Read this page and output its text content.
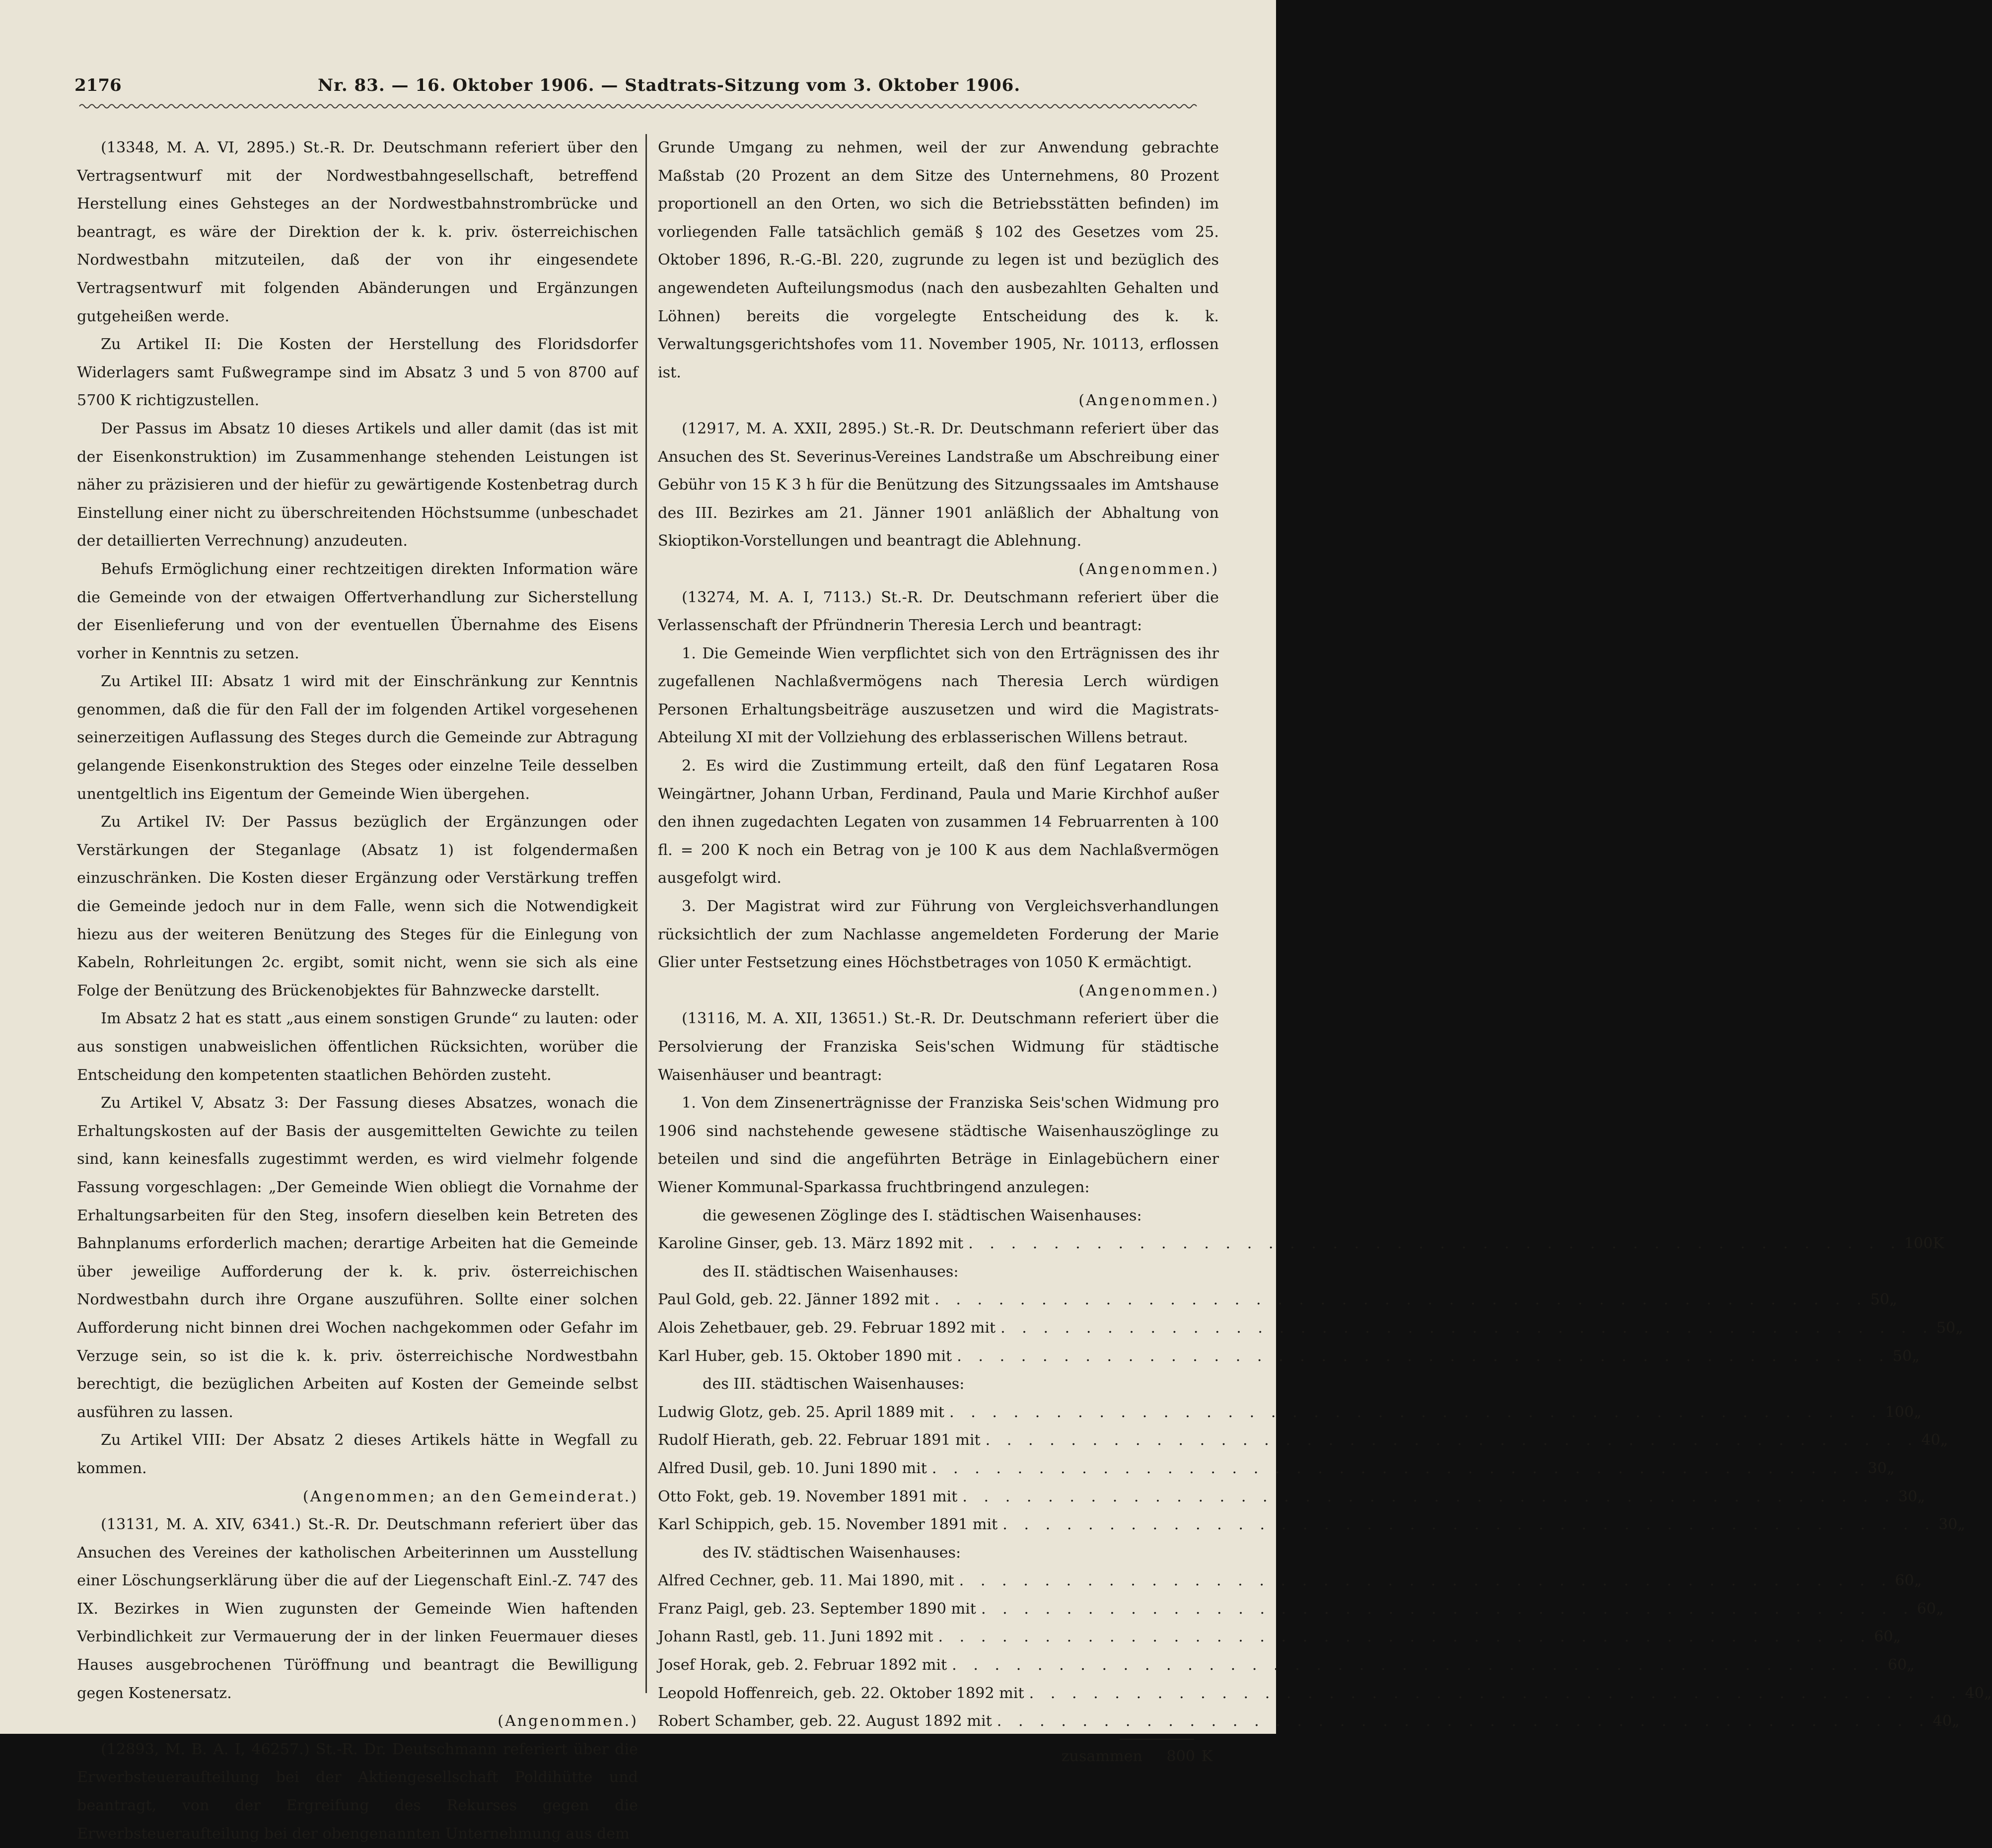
2176	Nr. 83. — 16. Oktober 1906. — Stadtrats-Sitzung vom 3. Oktober 1906.

(13348, M. A. VI, 2895.) St.-R. Dr. Deutschmann referiert über den Vertragsentwurf mit der Nordwestbahngesellschaft, betreffend Herstellung eines Gehsteges an der Nordwestbahnstrombrücke und beantragt, es wäre der Direktion der k. k. priv. österreichischen Nordwestbahn mitzuteilen, daß der von ihr eingesendete Vertragsentwurf mit folgenden Abänderungen und Ergänzungen gutgeheißen werde.

Zu Artikel II: Die Kosten der Herstellung des Floridsdorfer Widerlagers samt Fußwegrampe sind im Absatz 3 und 5 von 8700 auf 5700 K richtigzustellen.

Der Passus im Absatz 10 dieses Artikels und aller damit (das ist mit der Eisenkonstruktion) im Zusammenhange stehenden Leistungen ist näher zu präzisieren und der hiefür zu gewärtigende Kostenbetrag durch Einstellung einer nicht zu überschreitenden Höchstsumme (unbeschadet der detaillierten Verrechnung) anzudeuten.

Behufs Ermöglichung einer rechtzeitigen direkten Information wäre die Gemeinde von der etwaigen Offertverhandlung zur Sicherstellung der Eisenlieferung und von der eventuellen Übernahme des Eisens vorher in Kenntnis zu setzen.

Zu Artikel III: Absatz 1 wird mit der Einschränkung zur Kenntnis genommen, daß die für den Fall der im folgenden Artikel vorgesehenen seinerzeitigen Auflassung des Steges durch die Gemeinde zur Abtragung gelangende Eisenkonstruktion des Steges oder einzelne Teile desselben unentgeltlich ins Eigentum der Gemeinde Wien übergehen.

Zu Artikel IV: Der Passus bezüglich der Ergänzungen oder Verstärkungen der Steganlage (Absatz 1) ist folgendermaßen einzuschränken. Die Kosten dieser Ergänzung oder Verstärkung treffen die Gemeinde jedoch nur in dem Falle, wenn sich die Notwendigkeit hiezu aus der weiteren Benützung des Steges für die Einlegung von Kabeln, Rohrleitungen 2c. ergibt, somit nicht, wenn sie sich als eine Folge der Benützung des Brückenobjektes für Bahnzwecke darstellt.

Im Absatz 2 hat es statt „aus einem sonstigen Grunde“ zu lauten: oder aus sonstigen unabweislichen öffentlichen Rücksichten, worüber die Entscheidung den kompetenten staatlichen Behörden zusteht.

Zu Artikel V, Absatz 3: Der Fassung dieses Absatzes, wonach die Erhaltungskosten auf der Basis der ausgemittelten Gewichte zu teilen sind, kann keinesfalls zugestimmt werden, es wird vielmehr folgende Fassung vorgeschlagen: „Der Gemeinde Wien obliegt die Vornahme der Erhaltungsarbeiten für den Steg, insofern dieselben kein Betreten des Bahnplanums erforderlich machen; derartige Arbeiten hat die Gemeinde über jeweilige Aufforderung der k. k. priv. österreichischen Nordwestbahn durch ihre Organe auszuführen. Sollte einer solchen Aufforderung nicht binnen drei Wochen nachgekommen oder Gefahr im Verzuge sein, so ist die k. k. priv. österreichische Nordwestbahn berechtigt, die bezüglichen Arbeiten auf Kosten der Gemeinde selbst ausführen zu lassen.

Zu Artikel VIII: Der Absatz 2 dieses Artikels hätte in Wegfall zu kommen.

(Angenommen; an den Gemeinderat.)

(13131, M. A. XIV, 6341.) St.-R. Dr. Deutschmann referiert über das Ansuchen des Vereines der katholischen Arbeiterinnen um Ausstellung einer Löschungserklärung über die auf der Liegenschaft Einl.-Z. 747 des IX. Bezirkes in Wien zugunsten der Gemeinde Wien haftenden Verbindlichkeit zur Vermauerung der in der linken Feuermauer dieses Hauses ausgebrochenen Türöffnung und beantragt die Bewilligung gegen Kostenersatz.

(Angenommen.)

(12893, M. B. A. I, 46257.) St.-R. Dr. Deutschmann referiert über die Erwerbsteueraufteilung bei der Aktiengesellschaft Poldihütte und beantragt, von der Ergreifung des Rekurses gegen die Erwerbsteueraufteilung bei der obengenannten Unternehmung aus dem

Grunde Umgang zu nehmen, weil der zur Anwendung gebrachte Maßstab (20 Prozent an dem Sitze des Unternehmens, 80 Prozent proportionell an den Orten, wo sich die Betriebsstätten befinden) im vorliegenden Falle tatsächlich gemäß § 102 des Gesetzes vom 25. Oktober 1896, R.-G.-Bl. 220, zugrunde zu legen ist und bezüglich des angewendeten Aufteilungsmodus (nach den ausbezahlten Gehalten und Löhnen) bereits die vorgelegte Entscheidung des k. k. Verwaltungsgerichtshofes vom 11. November 1905, Nr. 10113, erflossen ist.

(Angenommen.)

(12917, M. A. XXII, 2895.) St.-R. Dr. Deutschmann referiert über das Ansuchen des St. Severinus-Vereines Landstraße um Abschreibung einer Gebühr von 15 K 3 h für die Benützung des Sitzungssaales im Amtshause des III. Bezirkes am 21. Jänner 1901 anläßlich der Abhaltung von Skioptikon-Vorstellungen und beantragt die Ablehnung.

(Angenommen.)

(13274, M. A. I, 7113.) St.-R. Dr. Deutschmann referiert über die Verlassenschaft der Pfründnerin Theresia Lerch und beantragt:

1. Die Gemeinde Wien verpflichtet sich von den Erträgnissen des ihr zugefallenen Nachlaßvermögens nach Theresia Lerch würdigen Personen Erhaltungsbeiträge auszusetzen und wird die Magistrats-Abteilung XI mit der Vollziehung des erblasserischen Willens betraut.

2. Es wird die Zustimmung erteilt, daß den fünf Legataren Rosa Weingärtner, Johann Urban, Ferdinand, Paula und Marie Kirchhof außer den ihnen zugedachten Legaten von zusammen 14 Februarrenten à 100 fl. = 200 K noch ein Betrag von je 100 K aus dem Nachlaßvermögen ausgefolgt wird.

3. Der Magistrat wird zur Führung von Vergleichsverhandlungen rücksichtlich der zum Nachlasse angemeldeten Forderung der Marie Glier unter Festsetzung eines Höchstbetrages von 1050 K ermächtigt.

(Angenommen.)

(13116, M. A. XII, 13651.) St.-R. Dr. Deutschmann referiert über die Persolvierung der Franziska Seis'schen Widmung für städtische Waisenhäuser und beantragt:

1. Von dem Zinsenerträgnisse der Franziska Seis'schen Widmung pro 1906 sind nachstehende gewesene städtische Waisenhauszöglinge zu beteilen und sind die angeführten Beträge in Einlagebüchern einer Wiener Kommunal-Sparkassa fruchtbringend anzulegen:

die gewesenen Zöglinge des I. städtischen Waisenhauses:

Karoline Ginser, geb. 13. März 1892 mit . . .	100 K

des II. städtischen Waisenhauses:

Paul Gold, geb. 22. Jänner 1892 mit . . .	50 „
Alois Zehetbauer, geb. 29. Februar 1892 mit . . .	50 „
Karl Huber, geb. 15. Oktober 1890 mit . . .	50 „

des III. städtischen Waisenhauses:

Ludwig Glotz, geb. 25. April 1889 mit . . .	100 „
Rudolf Hierath, geb. 22. Februar 1891 mit . . .	40 „
Alfred Dusil, geb. 10. Juni 1890 mit . . .	30 „
Otto Fokt, geb. 19. November 1891 mit . . .	30 „
Karl Schippich, geb. 15. November 1891 mit . . .	30 „

des IV. städtischen Waisenhauses:

Alfred Cechner, geb. 11. Mai 1890, mit . . .	60 „
Franz Paigl, geb. 23. September 1890 mit . . .	60 „
Johann Rastl, geb. 11. Juni 1892 mit . . .	60 „
Josef Horak, geb. 2. Februar 1892 mit . . .	60 „
Leopold Hoffenreich, geb. 22. Oktober 1892 mit . . .	40 „
Robert Schamber, geb. 22. August 1892 mit . . .	40 „
zusammen	800 K
